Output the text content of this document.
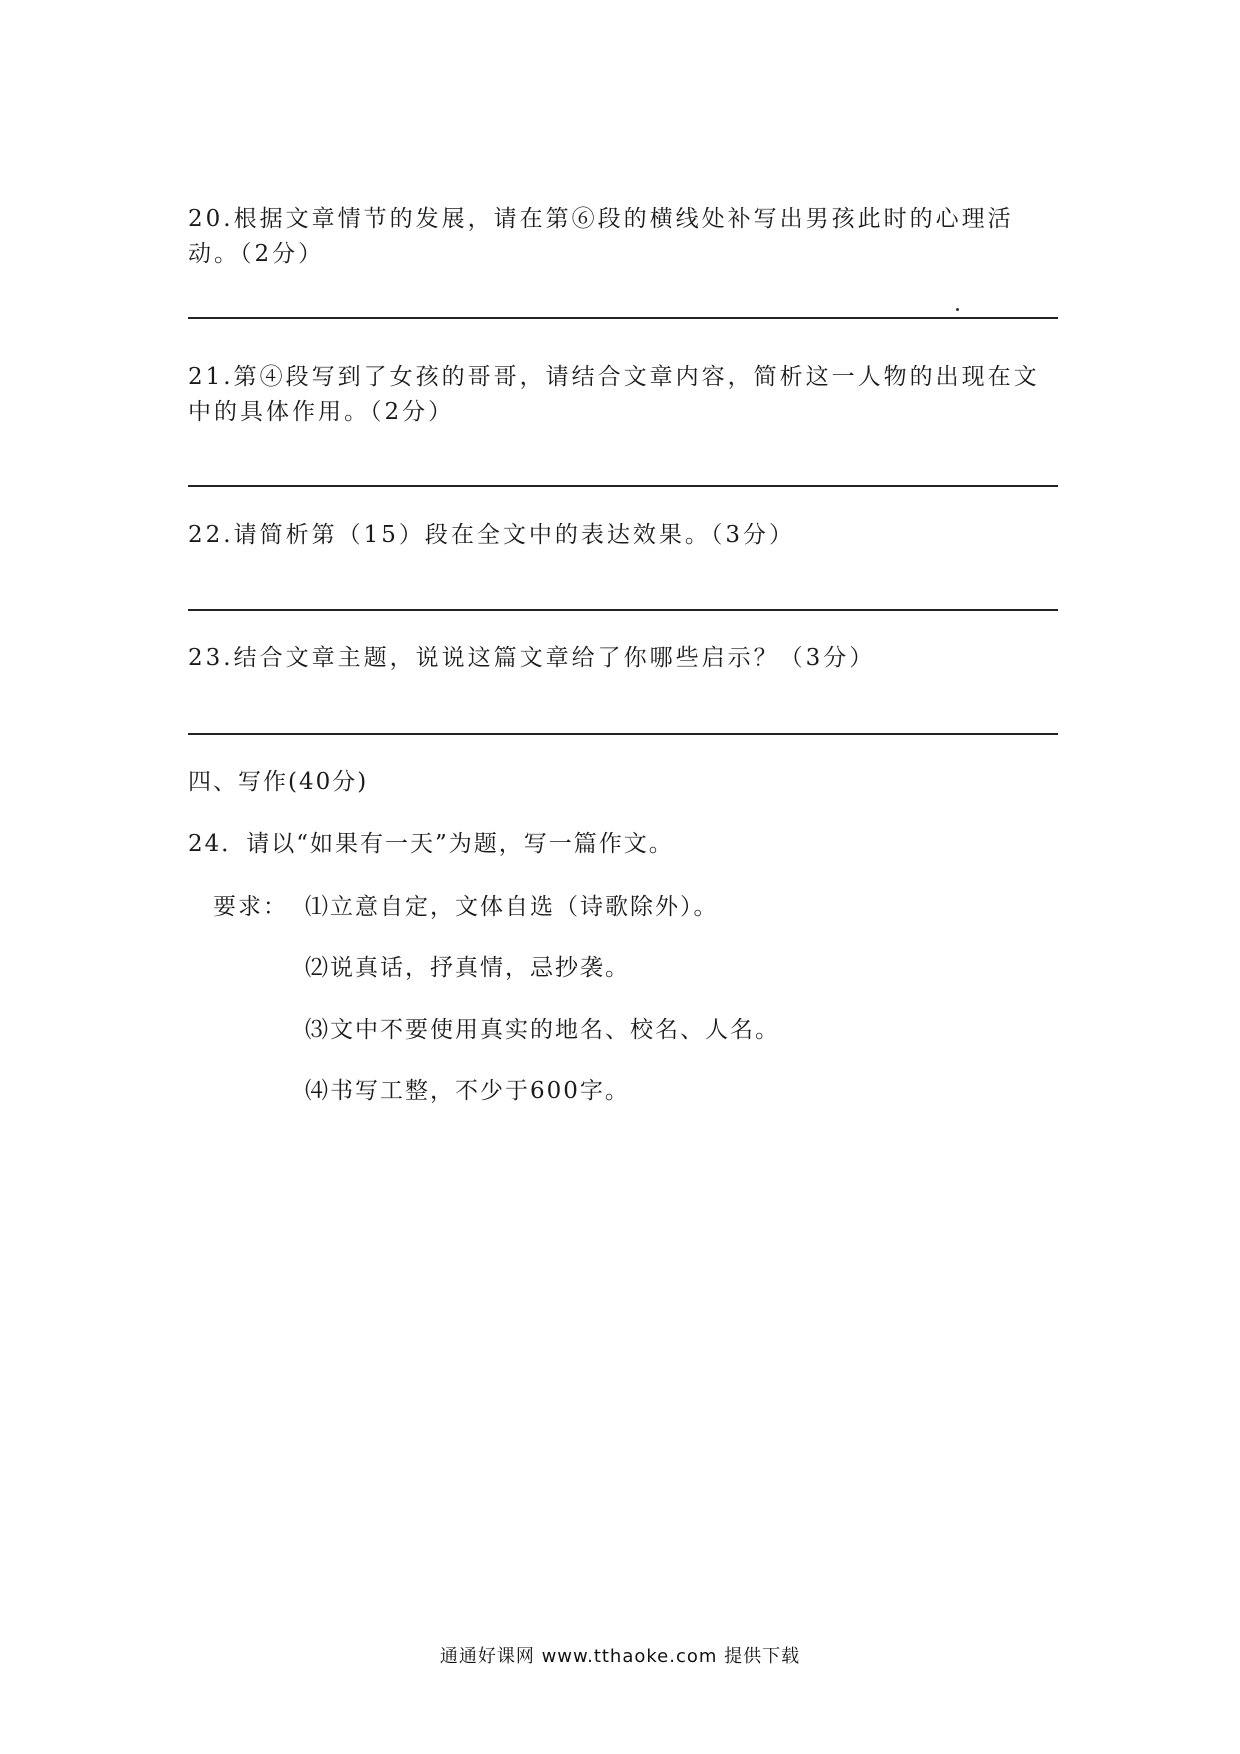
20.根据文章情节的发展，请在第⑥段的横线处补写出男孩此时的心理活动。（2分）

21.第④段写到了女孩的哥哥，请结合文章内容，简析这一人物的出现在文中的具体作用。（2分）

22.请简析第（15）段在全文中的表达效果。（3分）

23.结合文章主题，说说这篇文章给了你哪些启示？（3分）

四、写作(40分)

24．请以“如果有一天”为题，写一篇作文。

要求： ⑴立意自定，文体自选（诗歌除外）。

⑵说真话，抒真情，忌抄袭。

⑶文中不要使用真实的地名、校名、人名。

⑷书写工整，不少于600字。

通通好课网 www.tthaoke.com 提供下载
